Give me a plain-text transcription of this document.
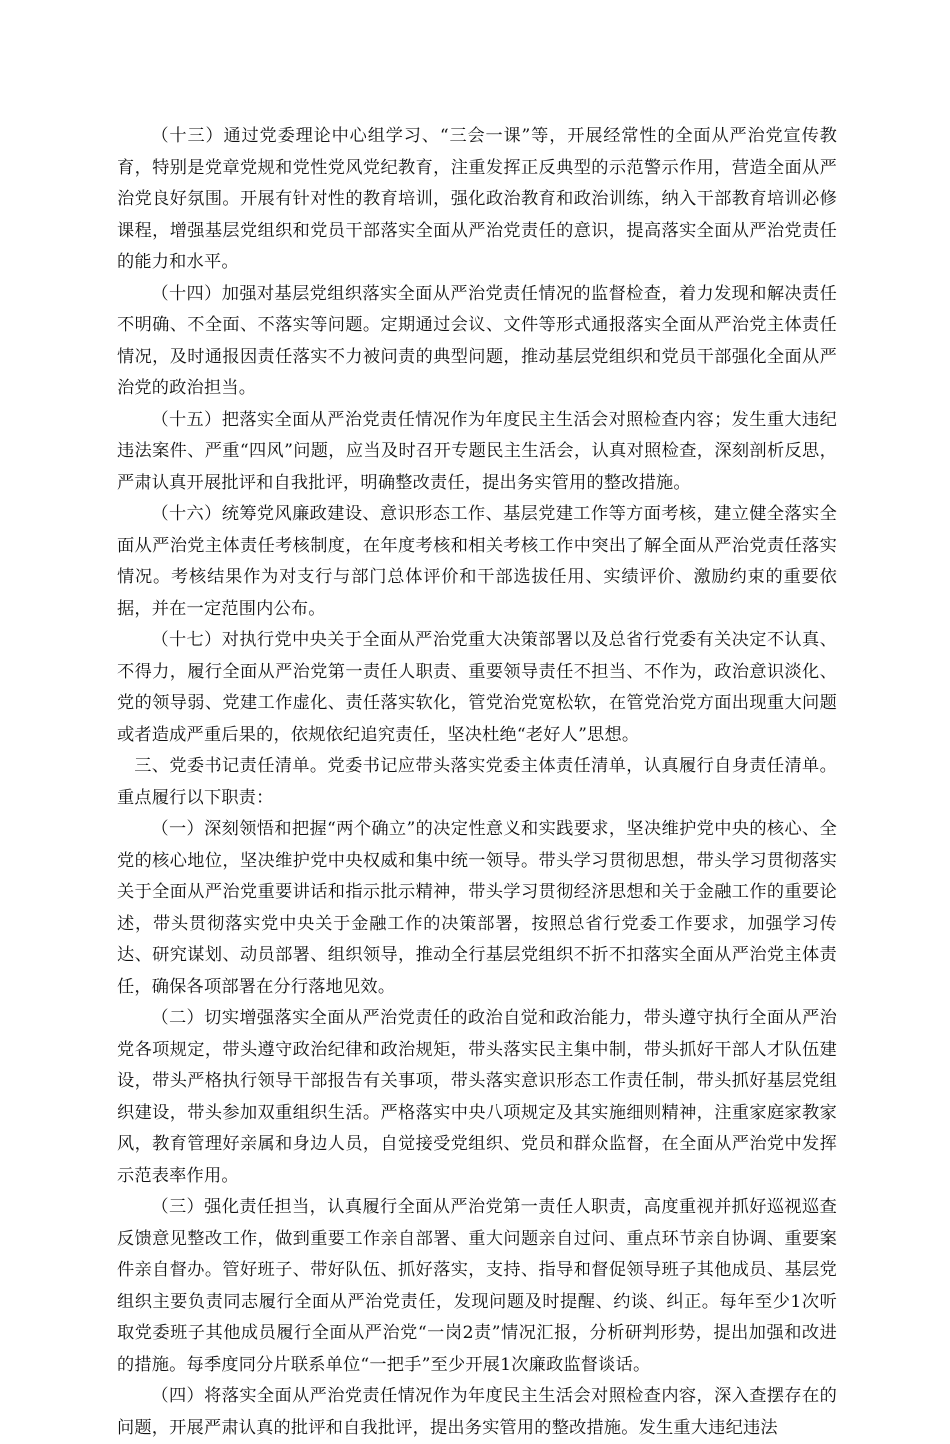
（十三）通过党委理论中心组学习、“三会一课”等，开展经常性的全面从严治党宣传教育，特别是党章党规和党性党风党纪教育，注重发挥正反典型的示范警示作用，营造全面从严治党良好氛围。开展有针对性的教育培训，强化政治教育和政治训练，纳入干部教育培训必修课程，增强基层党组织和党员干部落实全面从严治党责任的意识，提高落实全面从严治党责任的能力和水平。

（十四）加强对基层党组织落实全面从严治党责任情况的监督检查，着力发现和解决责任不明确、不全面、不落实等问题。定期通过会议、文件等形式通报落实全面从严治党主体责任情况，及时通报因责任落实不力被问责的典型问题，推动基层党组织和党员干部强化全面从严治党的政治担当。

（十五）把落实全面从严治党责任情况作为年度民主生活会对照检查内容；发生重大违纪违法案件、严重“四风”问题，应当及时召开专题民主生活会，认真对照检查，深刻剖析反思，严肃认真开展批评和自我批评，明确整改责任，提出务实管用的整改措施。

（十六）统筹党风廉政建设、意识形态工作、基层党建工作等方面考核，建立健全落实全面从严治党主体责任考核制度，在年度考核和相关考核工作中突出了解全面从严治党责任落实情况。考核结果作为对支行与部门总体评价和干部选拔任用、实绩评价、激励约束的重要依据，并在一定范围内公布。

（十七）对执行党中央关于全面从严治党重大决策部署以及总省行党委有关决定不认真、不得力，履行全面从严治党第一责任人职责、重要领导责任不担当、不作为，政治意识淡化、党的领导弱、党建工作虚化、责任落实软化，管党治党宽松软，在管党治党方面出现重大问题或者造成严重后果的，依规依纪追究责任，坚决杜绝“老好人”思想。

三、党委书记责任清单。党委书记应带头落实党委主体责任清单，认真履行自身责任清单。重点履行以下职责：

（一）深刻领悟和把握“两个确立”的决定性意义和实践要求，坚决维护党中央的核心、全党的核心地位，坚决维护党中央权威和集中统一领导。带头学习贯彻思想，带头学习贯彻落实关于全面从严治党重要讲话和指示批示精神，带头学习贯彻经济思想和关于金融工作的重要论述，带头贯彻落实党中央关于金融工作的决策部署，按照总省行党委工作要求，加强学习传达、研究谋划、动员部署、组织领导，推动全行基层党组织不折不扣落实全面从严治党主体责任，确保各项部署在分行落地见效。

（二）切实增强落实全面从严治党责任的政治自觉和政治能力，带头遵守执行全面从严治党各项规定，带头遵守政治纪律和政治规矩，带头落实民主集中制，带头抓好干部人才队伍建设，带头严格执行领导干部报告有关事项，带头落实意识形态工作责任制，带头抓好基层党组织建设，带头参加双重组织生活。严格落实中央八项规定及其实施细则精神，注重家庭家教家风，教育管理好亲属和身边人员，自觉接受党组织、党员和群众监督，在全面从严治党中发挥示范表率作用。

（三）强化责任担当，认真履行全面从严治党第一责任人职责，高度重视并抓好巡视巡查反馈意见整改工作，做到重要工作亲自部署、重大问题亲自过问、重点环节亲自协调、重要案件亲自督办。管好班子、带好队伍、抓好落实，支持、指导和督促领导班子其他成员、基层党组织主要负责同志履行全面从严治党责任，发现问题及时提醒、约谈、纠正。每年至少1次听取党委班子其他成员履行全面从严治党“一岗2责”情况汇报，分析研判形势，提出加强和改进的措施。每季度同分片联系单位“一把手”至少开展1次廉政监督谈话。

（四）将落实全面从严治党责任情况作为年度民主生活会对照检查内容，深入查摆存在的问题，开展严肃认真的批评和自我批评，提出务实管用的整改措施。发生重大违纪违法
